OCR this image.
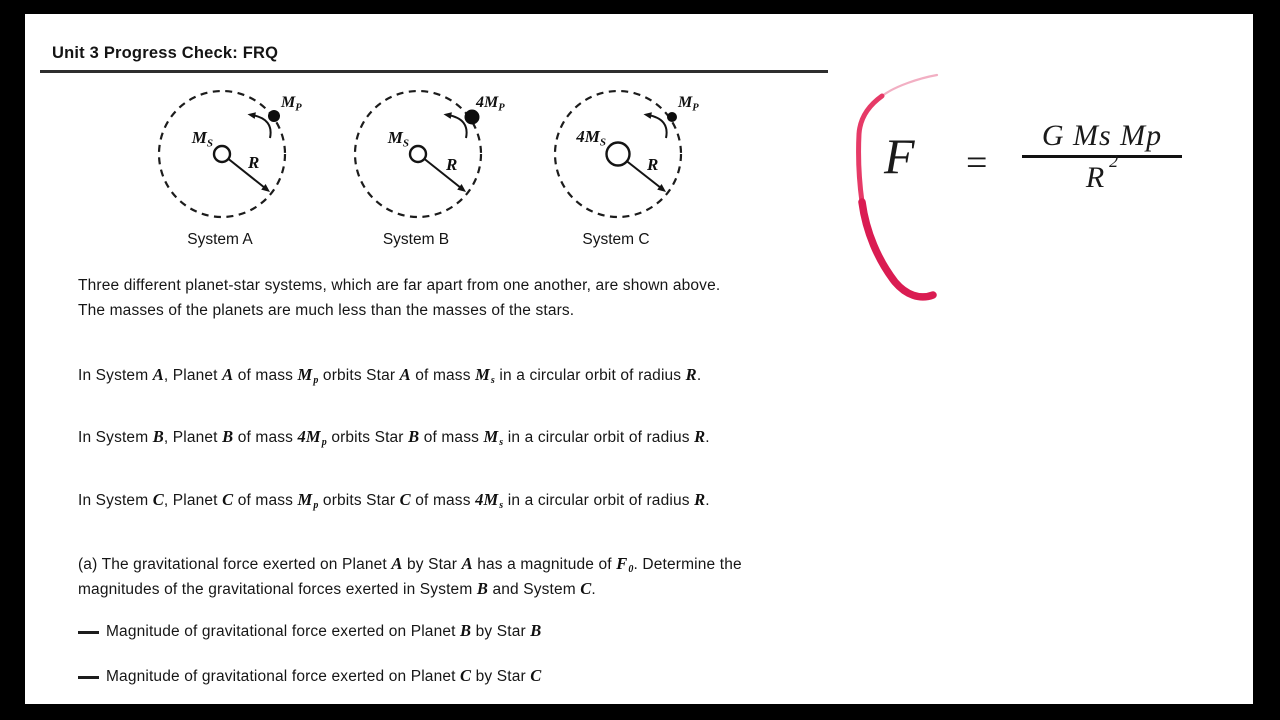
Unit 3 Progress Check: FRQ
$M_S$
$M_P$
R
System A
$M_S$
$4M_P$
R
System B
$4M_S$
$M_P$
R
System C
Three different planet-star systems, which are far apart from one another, are shown above.
The masses of the planets are much less than the masses of the stars.
In System A, Planet A of mass $M_p$ orbits Star A of mass $M_s$ in a circular orbit of radius R.
In System B, Planet B of mass $4M_p$ orbits Star B of mass $M_s$ in a circular orbit of radius R.
In System C, Planet C of mass $M_p$ orbits Star C of mass $4M_s$ in a circular orbit of radius R.
(a) The gravitational force exerted on Planet A by Star A has a magnitude of $F_0$. Determine the
magnitudes of the gravitational forces exerted in System B and System C.
Magnitude of gravitational force exerted on Planet B by Star B
Magnitude of gravitational force exerted on Planet C by Star C
F =
G Ms Mp
R $^2$
